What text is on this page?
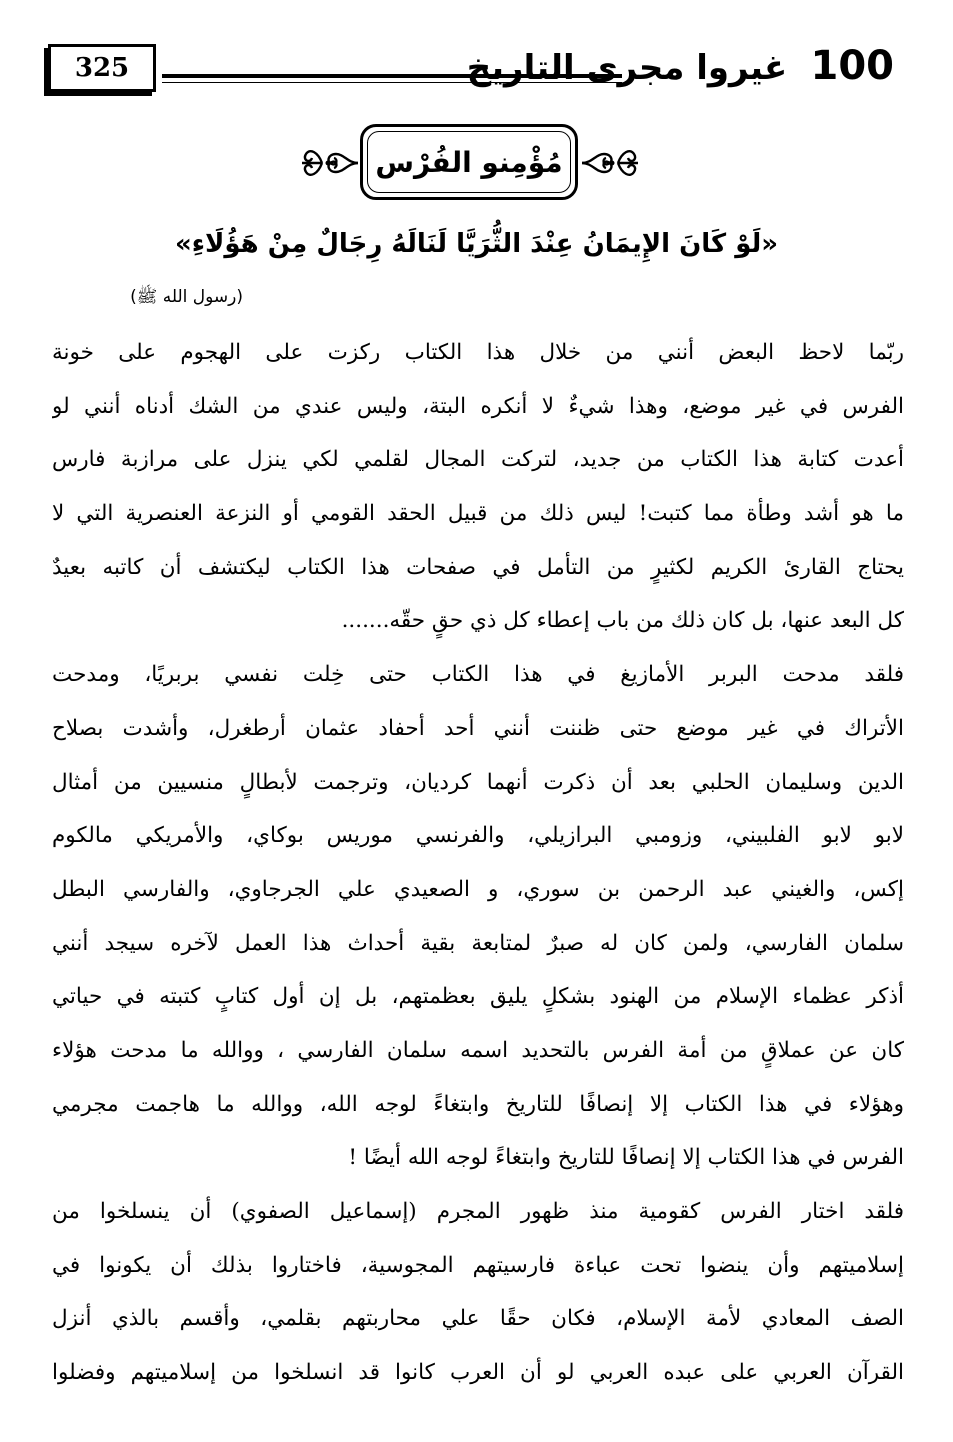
325	100 غيروا مجرى التاريخ
مُؤْمِنو الفُرْس
«لَوْ كَانَ الإِيمَانُ عِنْدَ الثُّرَيَّا لَنَالَهُ رِجَالٌ مِنْ هَؤُلَاءِ»
(رسول الله ﷺ)
ربّما لاحظ البعض أنني من خلال هذا الكتاب ركزت على الهجوم على خونة
الفرس في غير موضع، وهذا شيءٌ لا أنكره البتة، وليس عندي من الشك أدناه أنني لو
أعدت كتابة هذا الكتاب من جديد، لتركت المجال لقلمي لكي ينزل على مرازبة فارس
ما هو أشد وطأة مما كتبت! ليس ذلك من قبيل الحقد القومي أو النزعة العنصرية التي لا
يحتاج القارئ الكريم لكثيرٍ من التأمل في صفحات هذا الكتاب ليكتشف أن كاتبه بعيدٌ
كل البعد عنها، بل كان ذلك من باب إعطاء كل ذي حقٍ حقّه.......
فلقد مدحت البربر الأمازيغ في هذا الكتاب حتى خِلت نفسي بربريًا، ومدحت
الأتراك في غير موضع حتى ظننت أنني أحد أحفاد عثمان أرطغرل، وأشدت بصلاح
الدين وسليمان الحلبي بعد أن ذكرت أنهما كرديان، وترجمت لأبطالٍ منسيين من أمثال
لابو لابو الفلبيني، وزومبي البرازيلي، والفرنسي موريس بوكاي، والأمريكي مالكوم
إكس، والغيني عبد الرحمن بن سوري، و الصعيدي علي الجرجاوي، والفارسي البطل
سلمان الفارسي، ولمن كان له صبرٌ لمتابعة بقية أحداث هذا العمل لآخره سيجد أنني
أذكر عظماء الإسلام من الهنود بشكلٍ يليق بعظمتهم، بل إن أول كتابٍ كتبته في حياتي
كان عن عملاقٍ من أمة الفرس بالتحديد اسمه سلمان الفارسي ، ووالله ما مدحت هؤلاء
وهؤلاء في هذا الكتاب إلا إنصافًا للتاريخ وابتغاءً لوجه الله، ووالله ما هاجمت مجرمي
الفرس في هذا الكتاب إلا إنصافًا للتاريخ وابتغاءً لوجه الله أيضًا !
فلقد اختار الفرس كقومية منذ ظهور المجرم (إسماعيل الصفوي) أن ينسلخوا من
إسلاميتهم وأن ينضوا تحت عباءة فارسيتهم المجوسية، فاختاروا بذلك أن يكونوا في
الصف المعادي لأمة الإسلام، فكان حقًا علي محاربتهم بقلمي، وأقسم بالذي أنزل
القرآن العربي على عبده العربي لو أن العرب كانوا قد انسلخوا من إسلاميتهم وفضلوا
